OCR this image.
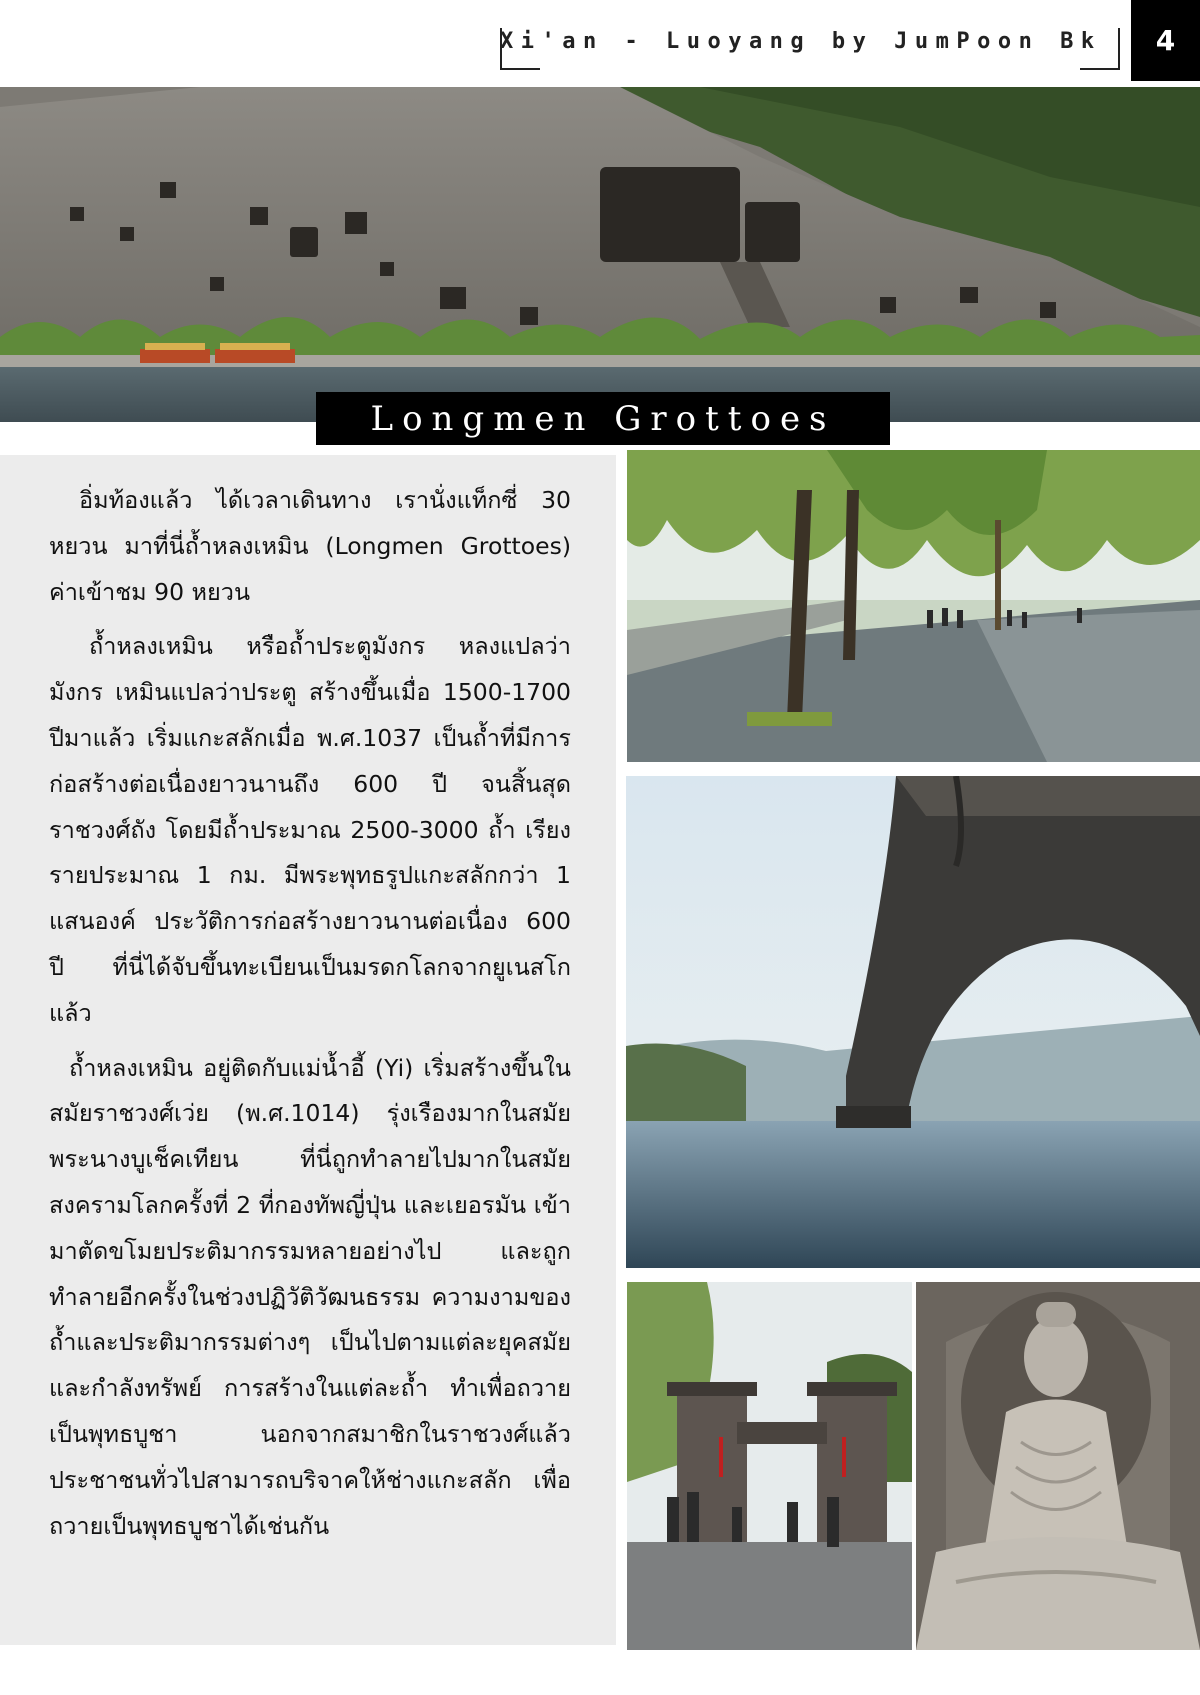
Xi'an - Luoyang by JumPoon Bk	4
Longmen Grottoes

อิ่มท้องแล้ว ได้เวลาเดินทาง เรานั่งแท็กซี่ 30 หยวน มาที่นี่ถ้ำหลงเหมิน (Longmen Grottoes) ค่าเข้าชม 90 หยวน

ถ้ำหลงเหมิน หรือถ้ำประตูมังกร หลงแปลว่า มังกร เหมินแปลว่าประตู สร้างขึ้นเมื่อ 1500-1700 ปีมาแล้ว เริ่มแกะสลักเมื่อ พ.ศ.1037 เป็นถ้ำที่มีการก่อสร้างต่อเนื่องยาวนานถึง 600 ปี จนสิ้นสุดราชวงศ์ถัง โดยมีถ้ำประมาณ 2500-3000 ถ้ำ เรียงรายประมาณ 1 กม. มีพระพุทธรูปแกะสลักกว่า 1 แสนองค์ ประวัติการก่อสร้างยาวนานต่อเนื่อง 600 ปี ที่นี่ได้จับขึ้นทะเบียนเป็นมรดกโลกจากยูเนสโกแล้ว

ถ้ำหลงเหมิน อยู่ติดกับแม่น้ำอี้ (Yi) เริ่มสร้างขึ้นในสมัยราชวงศ์เว่ย (พ.ศ.1014) รุ่งเรืองมากในสมัยพระนางบูเช็คเทียน ที่นี่ถูกทำลายไปมากในสมัยสงครามโลกครั้งที่ 2 ที่กองทัพญี่ปุ่น และเยอรมัน เข้ามาตัดขโมยประติมากรรมหลายอย่างไป และถูกทำลายอีกครั้งในช่วงปฏิวัติวัฒนธรรม ความงามของถ้ำและประติมากรรมต่างๆ เป็นไปตามแต่ละยุคสมัยและกำลังทรัพย์ การสร้างในแต่ละถ้ำ ทำเพื่อถวายเป็นพุทธบูชา นอกจากสมาชิกในราชวงศ์แล้ว ประชาชนทั่วไปสามารถบริจาคให้ช่างแกะสลัก เพื่อถวายเป็นพุทธบูชาได้เช่นกัน
